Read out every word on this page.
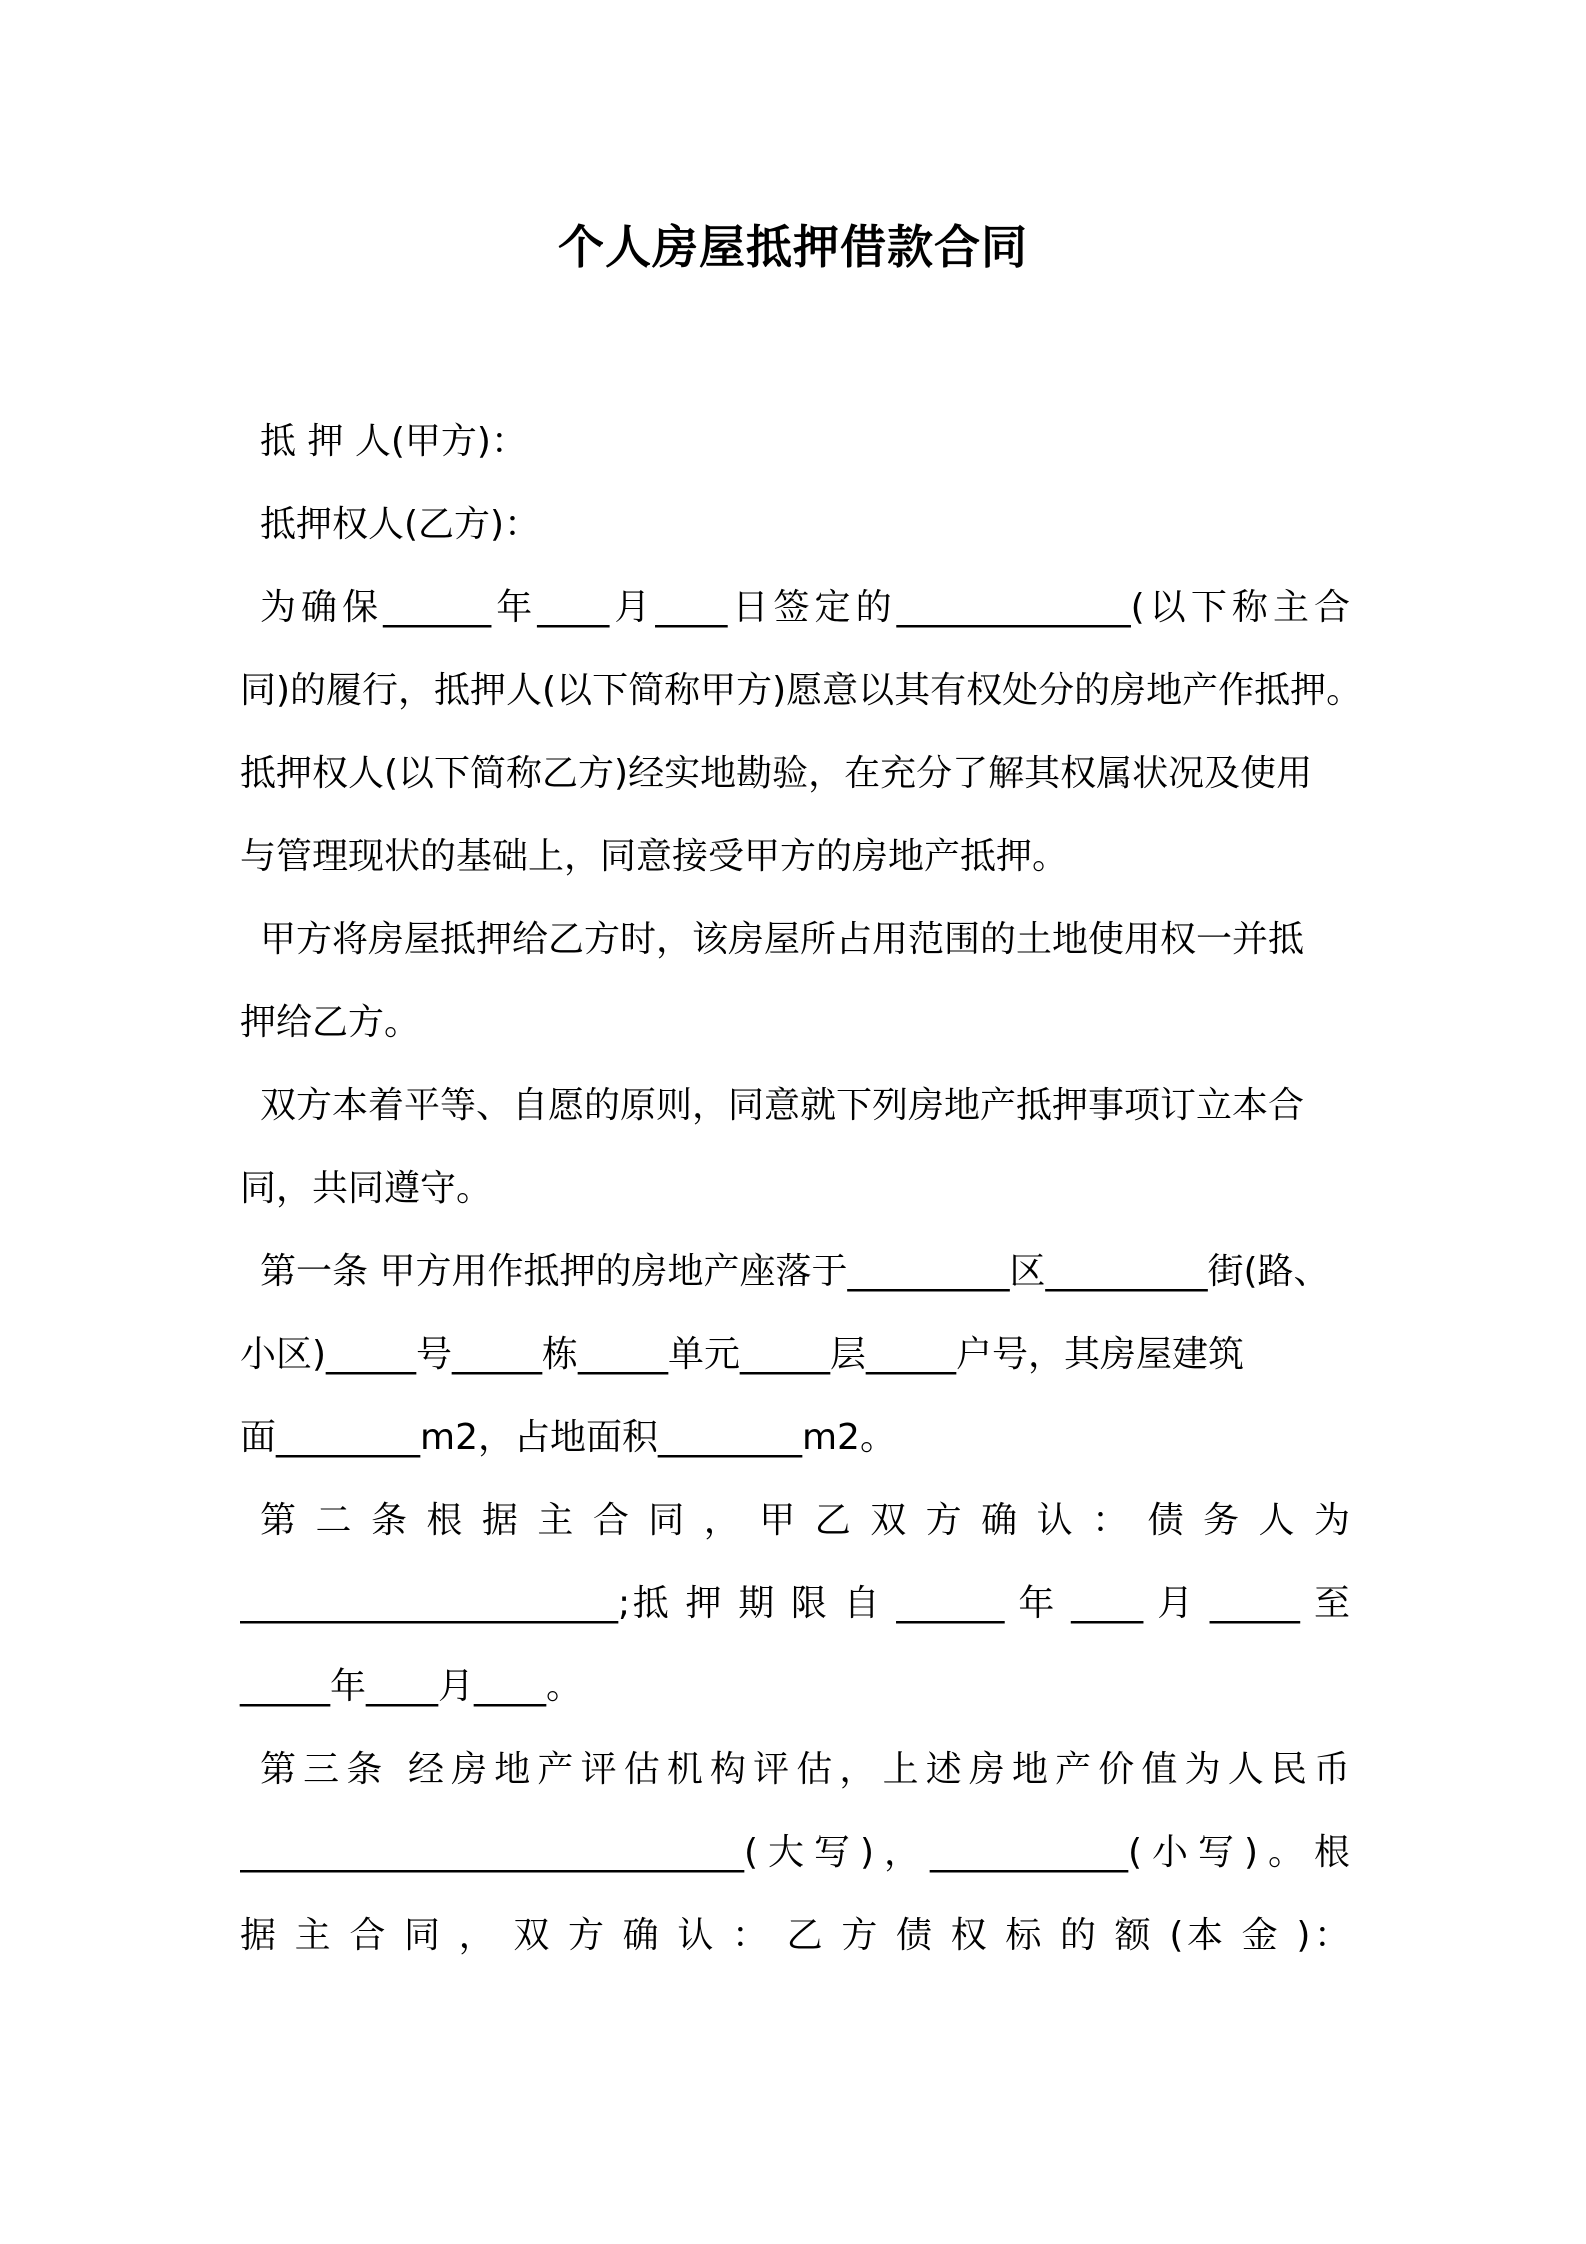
个人房屋抵押借款合同
抵 押 人(甲方)：
抵押权人(乙方)：
为确保______年____月____日签定的_____________(以下称主合
同)的履行，抵押人(以下简称甲方)愿意以其有权处分的房地产作抵押。
抵押权人(以下简称乙方)经实地勘验，在充分了解其权属状况及使用
与管理现状的基础上，同意接受甲方的房地产抵押。
甲方将房屋抵押给乙方时，该房屋所占用范围的土地使用权一并抵
押给乙方。
双方本着平等、自愿的原则，同意就下列房地产抵押事项订立本合
同，共同遵守。
第一条 甲方用作抵押的房地产座落于_________区_________街(路、
小区)_____号_____栋_____单元_____层_____户号，其房屋建筑
面________m2，占地面积________m2。
第 二 条 根 据 主 合 同 ， 甲 乙 双 方 确 认 ： 债 务 人 为
_____________________;抵 押 期 限 自 ______ 年 ____ 月 _____ 至
_____年____月____。
第三条 经房地产评估机构评估，上述房地产价值为人民币
____________________________(大写)，___________(小写)。根
据 主 合 同 ， 双 方 确 认 ： 乙 方 债 权 标 的 额 (本 金 )：
